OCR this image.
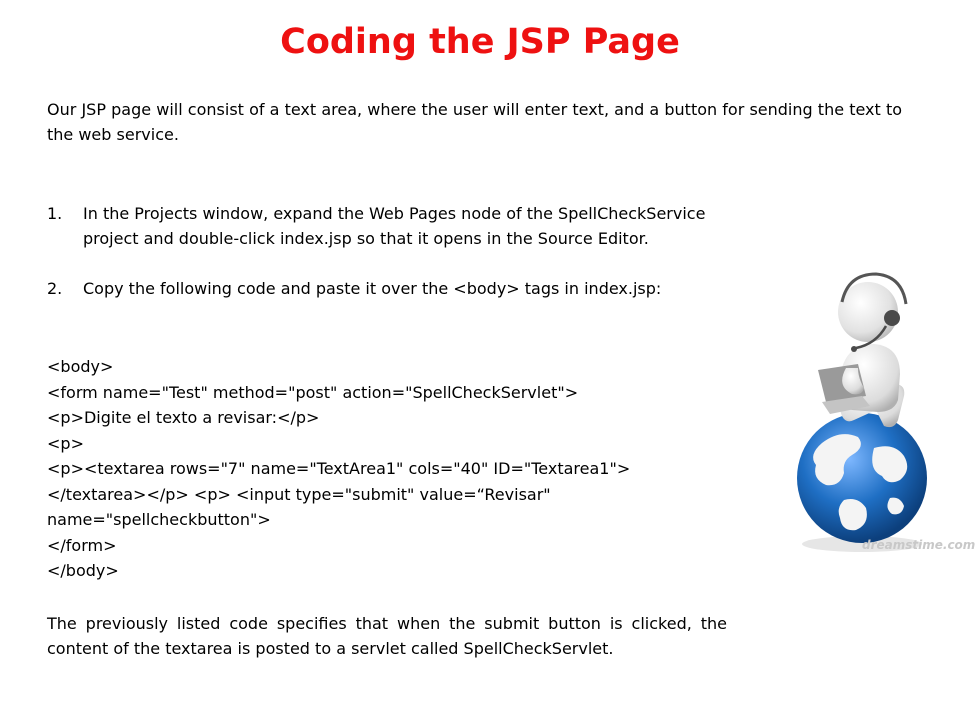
Coding the JSP Page
Our JSP page will consist of a text area, where the user will enter text, and a button for sending the text to the web service.
1. In the Projects window, expand the Web Pages node of the SpellCheckService project and double-click index.jsp so that it opens in the Source Editor.
2. Copy the following code and paste it over the <body> tags in index.jsp:
<body>
<form name="Test" method="post" action="SpellCheckServlet">
<p>Digite el texto a revisar:</p>
<p>
<p><textarea rows="7" name="TextArea1" cols="40" ID="Textarea1"></textarea></p> <p> <input type="submit" value=“Revisar" name="spellcheckbutton">
</form>
</body>
The previously listed code specifies that when the submit button is clicked, the content of the textarea is posted to a servlet called SpellCheckServlet.
dreamstime.com
